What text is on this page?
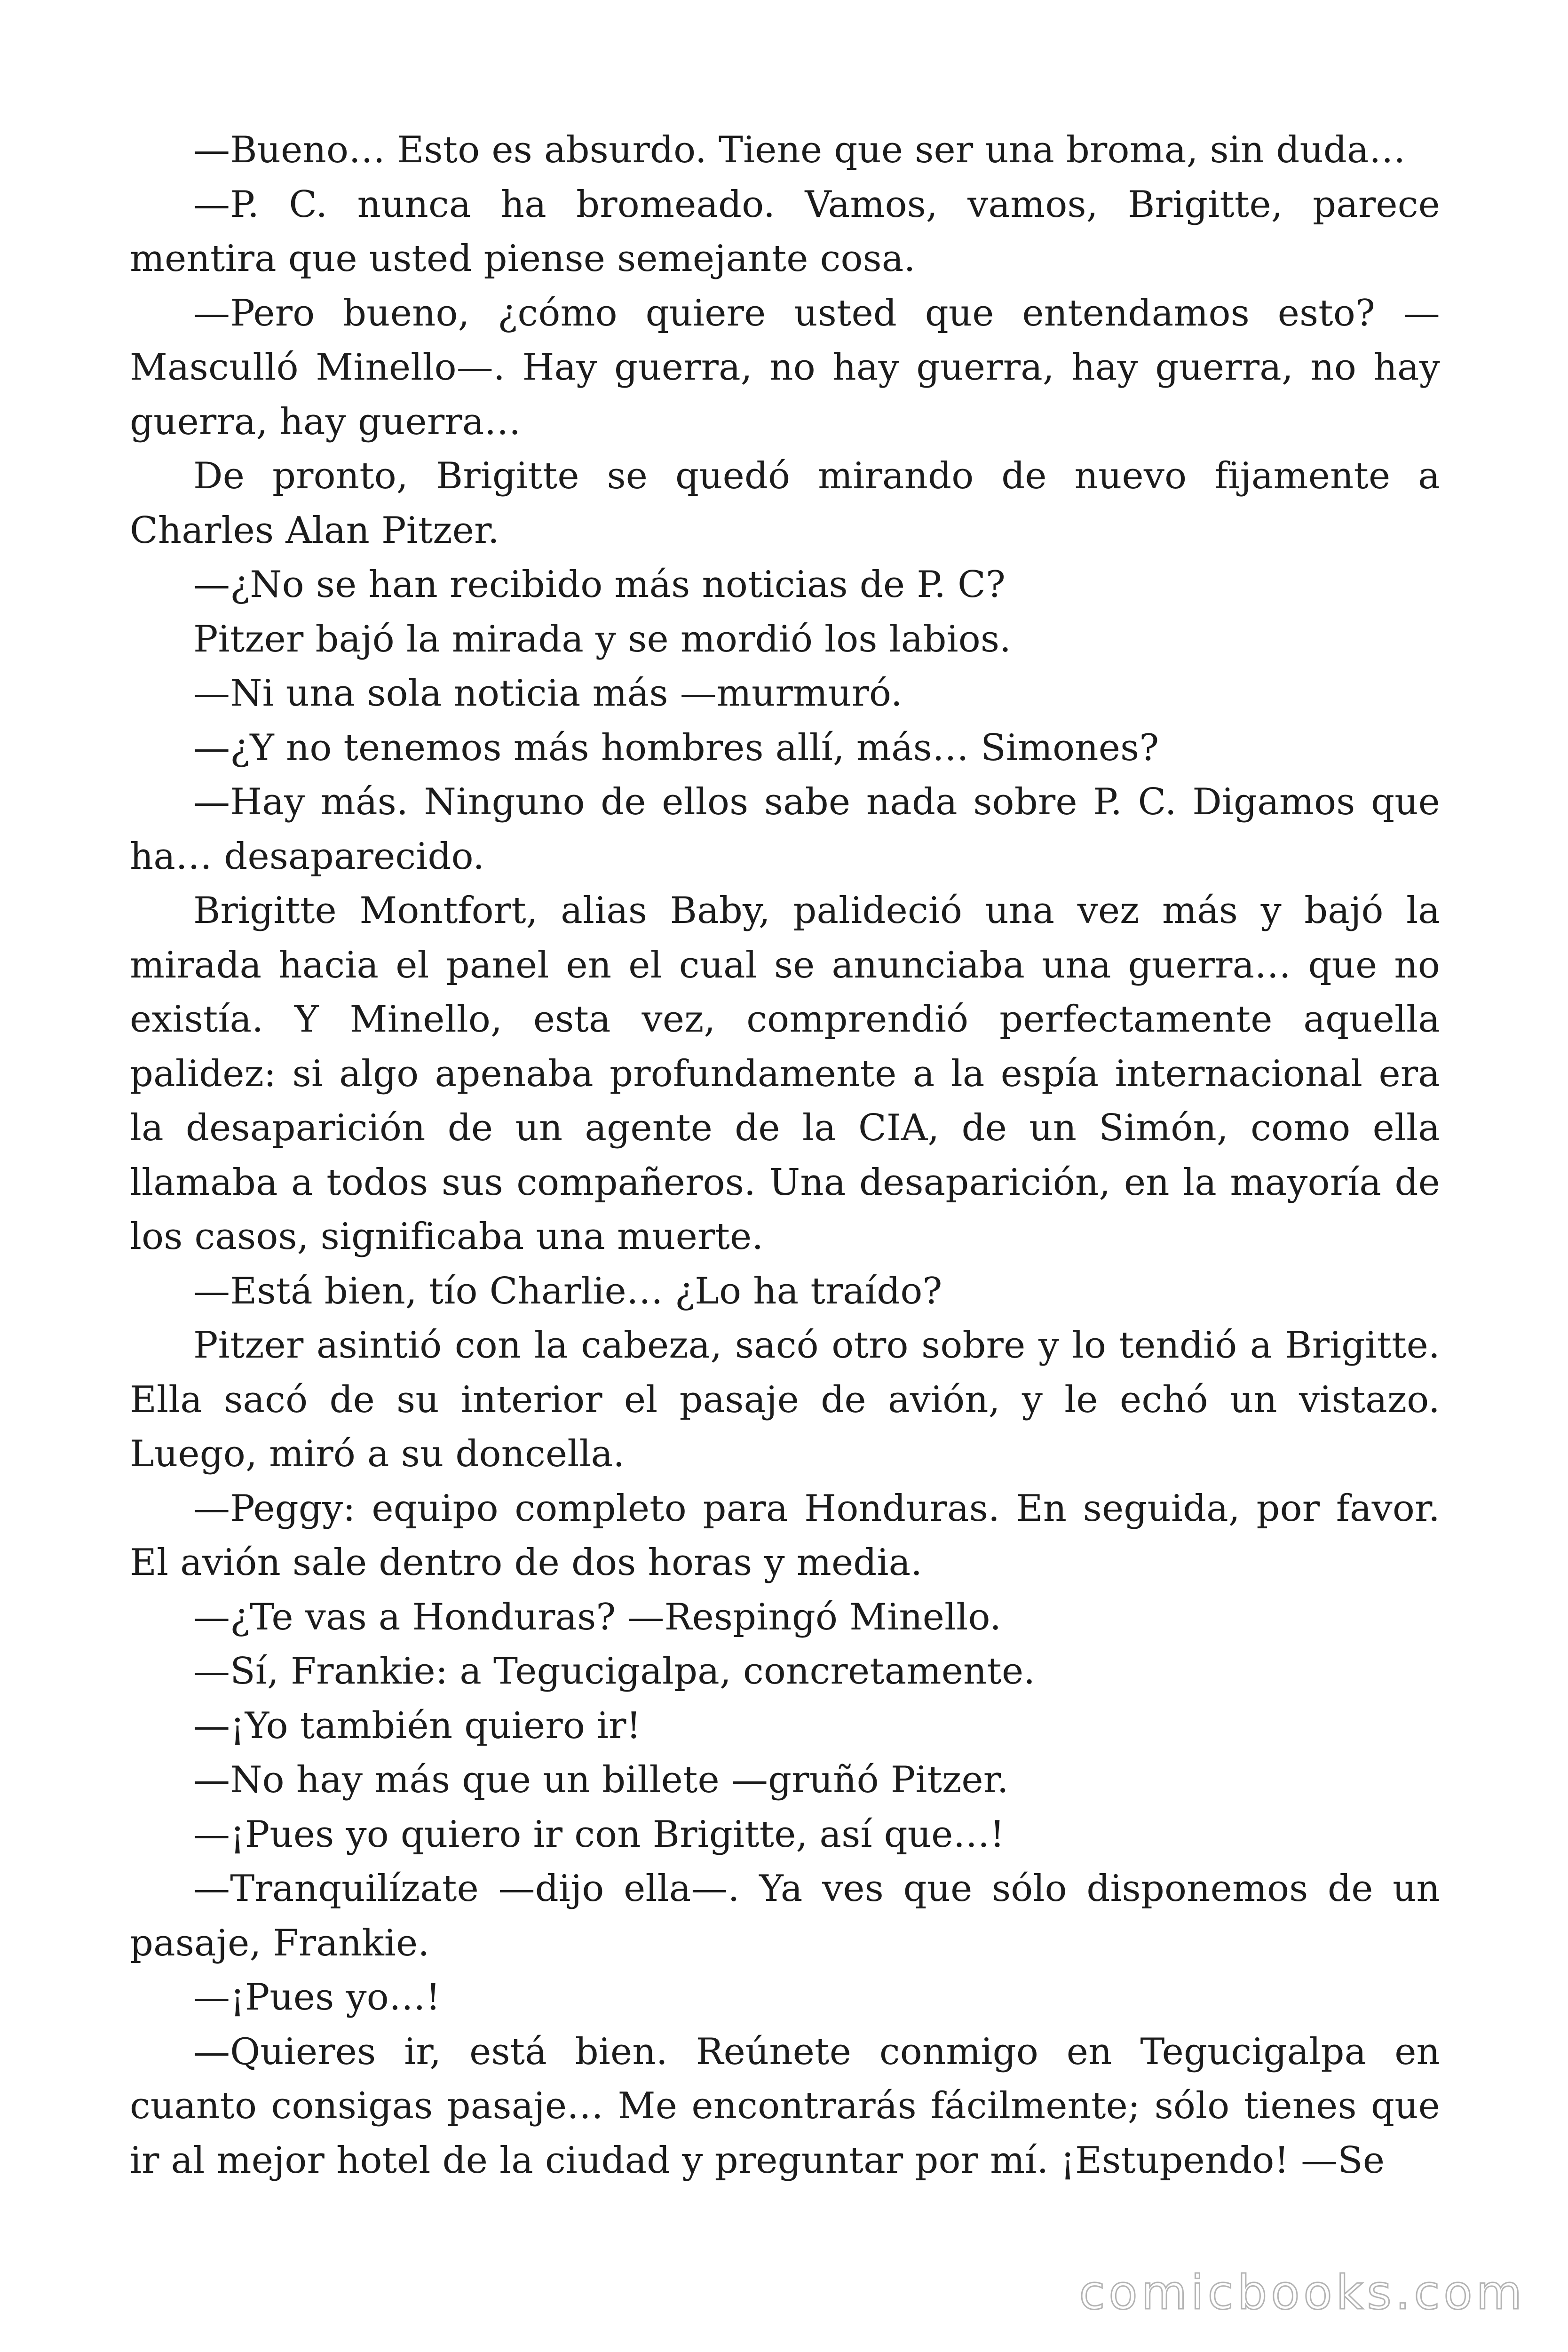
—Bueno… Esto es absurdo. Tiene que ser una broma, sin duda…

—P. C. nunca ha bromeado. Vamos, vamos, Brigitte, parece mentira que usted piense semejante cosa.

—Pero bueno, ¿cómo quiere usted que entendamos esto? —Masculló Minello—. Hay guerra, no hay guerra, hay guerra, no hay guerra, hay guerra…

De pronto, Brigitte se quedó mirando de nuevo fijamente a Charles Alan Pitzer.

—¿No se han recibido más noticias de P. C?

Pitzer bajó la mirada y se mordió los labios.

—Ni una sola noticia más —murmuró.

—¿Y no tenemos más hombres allí, más… Simones?

—Hay más. Ninguno de ellos sabe nada sobre P. C. Digamos que ha… desaparecido.

Brigitte Montfort, alias Baby, palideció una vez más y bajó la mirada hacia el panel en el cual se anunciaba una guerra… que no existía. Y Minello, esta vez, comprendió perfectamente aquella palidez: si algo apenaba profundamente a la espía internacional era la desaparición de un agente de la CIA, de un Simón, como ella llamaba a todos sus compañeros. Una desaparición, en la mayoría de los casos, significaba una muerte.

—Está bien, tío Charlie… ¿Lo ha traído?

Pitzer asintió con la cabeza, sacó otro sobre y lo tendió a Brigitte. Ella sacó de su interior el pasaje de avión, y le echó un vistazo. Luego, miró a su doncella.

—Peggy: equipo completo para Honduras. En seguida, por favor. El avión sale dentro de dos horas y media.

—¿Te vas a Honduras? —Respingó Minello.

—Sí, Frankie: a Tegucigalpa, concretamente.

—¡Yo también quiero ir!

—No hay más que un billete —gruñó Pitzer.

—¡Pues yo quiero ir con Brigitte, así que…!

—Tranquilízate —dijo ella—. Ya ves que sólo disponemos de un pasaje, Frankie.

—¡Pues yo…!

—Quieres ir, está bien. Reúnete conmigo en Tegucigalpa en cuanto consigas pasaje… Me encontrarás fácilmente; sólo tienes que ir al mejor hotel de la ciudad y preguntar por mí. ¡Estupendo! —Se

comicbooks.com
